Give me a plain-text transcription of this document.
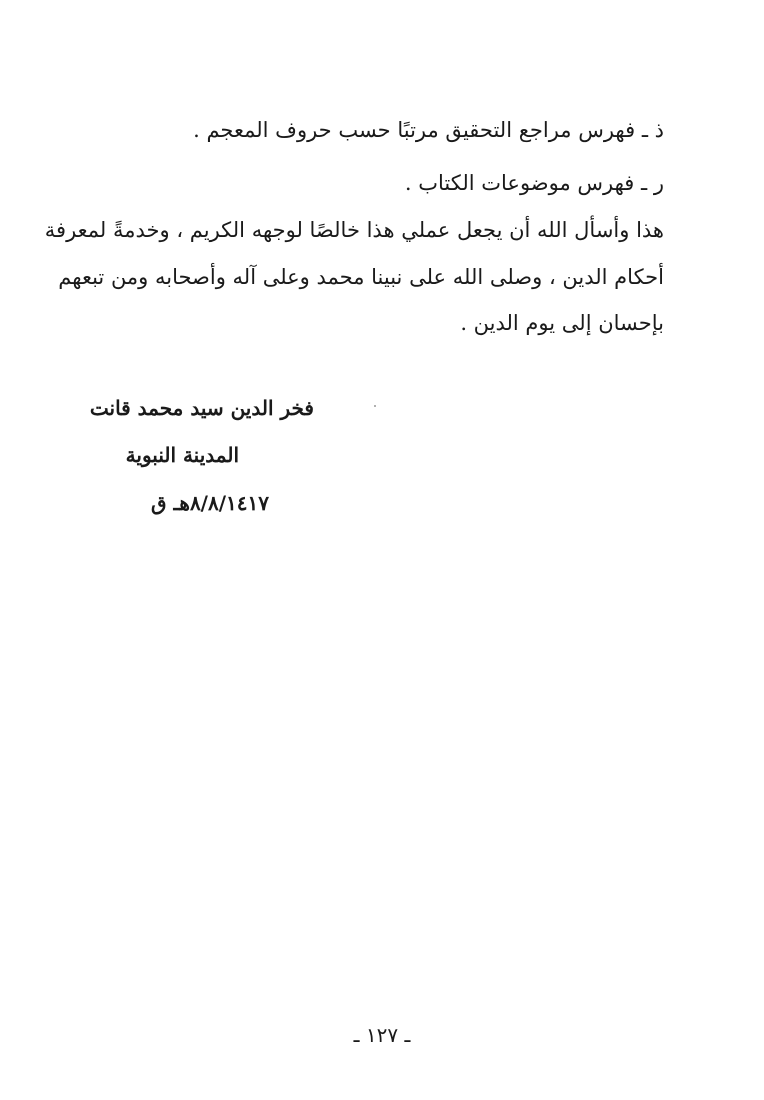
ذ ـ فهرس مراجع التحقيق مرتبًا حسب حروف المعجم .
ر ـ فهرس موضوعات الكتاب .
هذا وأسأل الله أن يجعل عملي هذا خالصًا لوجهه الكريم ، وخدمةً لمعرفة
أحكام الدين ، وصلى الله على نبينا محمد وعلى آله وأصحابه ومن تبعهم
بإحسان إلى يوم الدين .
فخر الدين سيد محمد قانت
المدينة النبوية
٨/٨/١٤١٧هـ ق
ـ ١٢٧ ـ
